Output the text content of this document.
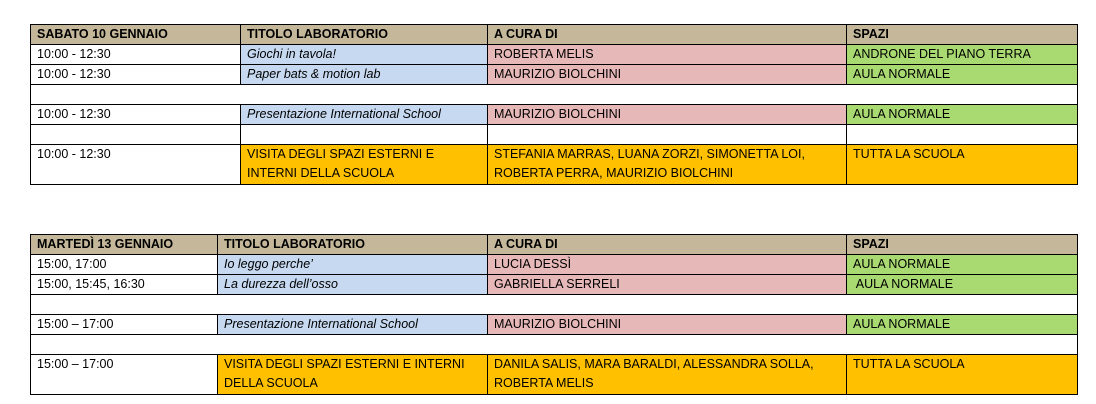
SABATO 10 GENNAIO	TITOLO LABORATORIO	A CURA DI	SPAZI
10:00 - 12:30	Giochi in tavola!	ROBERTA MELIS	ANDRONE DEL PIANO TERRA
10:00 - 12:30	Paper bats & motion lab	MAURIZIO BIOLCHINI	AULA NORMALE

10:00 - 12:30	Presentazione International School	MAURIZIO BIOLCHINI	AULA NORMALE

10:00 - 12:30	VISITA DEGLI SPAZI ESTERNI E INTERNI DELLA SCUOLA	STEFANIA MARRAS, LUANA ZORZI, SIMONETTA LOI, ROBERTA PERRA, MAURIZIO BIOLCHINI	TUTTA LA SCUOLA
MARTEDÌ 13 GENNAIO	TITOLO LABORATORIO	A CURA DI	SPAZI
15:00, 17:00	Io leggo perche’	LUCIA DESSÌ	AULA NORMALE
15:00, 15:45, 16:30	La durezza dell’osso	GABRIELLA SERRELI	AULA NORMALE

15:00 – 17:00	Presentazione International School	MAURIZIO BIOLCHINI	AULA NORMALE

15:00 – 17:00	VISITA DEGLI SPAZI ESTERNI E INTERNI DELLA SCUOLA	DANILA SALIS, MARA BARALDI, ALESSANDRA SOLLA, ROBERTA MELIS	TUTTA LA SCUOLA
